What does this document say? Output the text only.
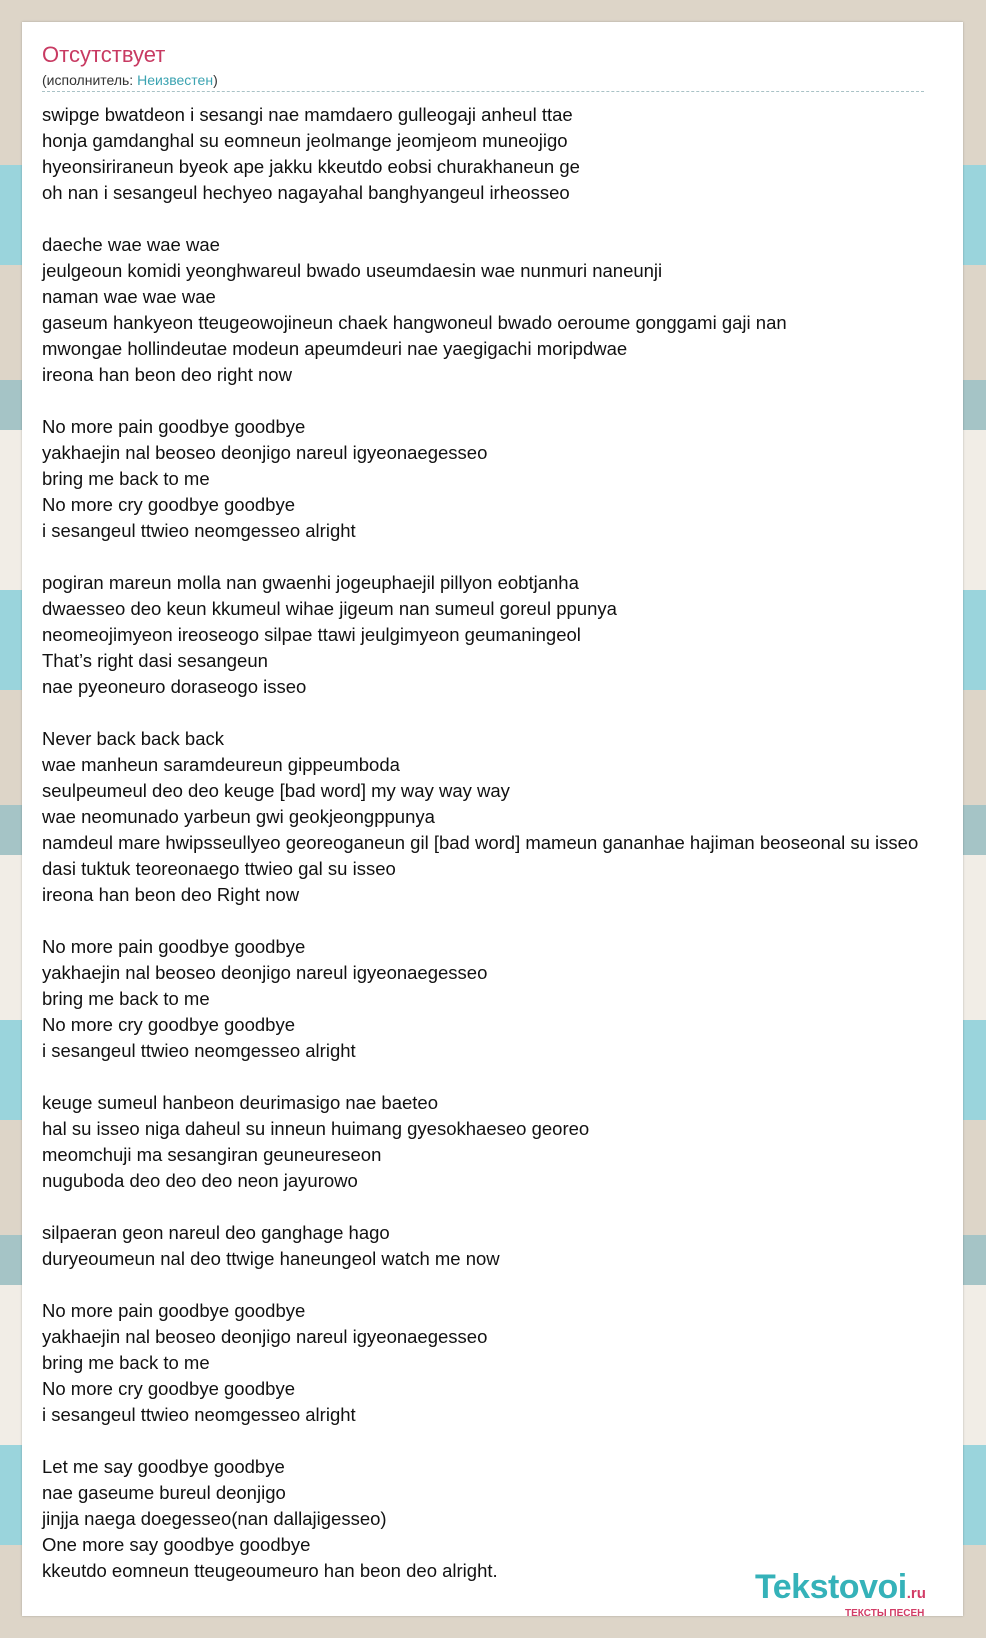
Отсутствует
(исполнитель: Неизвестен)
swipge bwatdeon i sesangi nae mamdaero gulleogaji anheul ttae
honja gamdanghal su eomneun jeolmange jeomjeom muneojigo
hyeonsiriraneun byeok ape jakku kkeutdo eobsi churakhaneun ge
oh nan i sesangeul hechyeo nagayahal banghyangeul irheosseo
daeche wae wae wae
jeulgeoun komidi yeonghwareul bwado useumdaesin wae nunmuri naneunji
naman wae wae wae
gaseum hankyeon tteugeowojineun chaek hangwoneul bwado oeroume gonggami gaji nan
mwongae hollindeutae modeun apeumdeuri nae yaegigachi moripdwae
ireona han beon deo right now
No more pain goodbye goodbye
yakhaejin nal beoseo deonjigo nareul igyeonaegesseo
bring me back to me
No more cry goodbye goodbye
i sesangeul ttwieo neomgesseo alright
pogiran mareun molla nan gwaenhi jogeuphaejil pillyon eobtjanha
dwaesseo deo keun kkumeul wihae jigeum nan sumeul goreul ppunya
neomeojimyeon ireoseogo silpae ttawi jeulgimyeon geumaningeol
That’s right dasi sesangeun
nae pyeoneuro doraseogo isseo
Never back back back
wae manheun saramdeureun gippeumboda
seulpeumeul deo deo keuge [bad word] my way way way
wae neomunado yarbeun gwi geokjeongppunya
namdeul mare hwipsseullyeo georeoganeun gil [bad word] mameun gananhae hajiman beoseonal su isseo
dasi tuktuk teoreonaego ttwieo gal su isseo
ireona han beon deo Right now
No more pain goodbye goodbye
yakhaejin nal beoseo deonjigo nareul igyeonaegesseo
bring me back to me
No more cry goodbye goodbye
i sesangeul ttwieo neomgesseo alright
keuge sumeul hanbeon deurimasigo nae baeteo
hal su isseo niga daheul su inneun huimang gyesokhaeseo georeo
meomchuji ma sesangiran geuneureseon
nuguboda deo deo deo neon jayurowo
silpaeran geon nareul deo ganghage hago
duryeoumeun nal deo ttwige haneungeol watch me now
No more pain goodbye goodbye
yakhaejin nal beoseo deonjigo nareul igyeonaegesseo
bring me back to me
No more cry goodbye goodbye
i sesangeul ttwieo neomgesseo alright
Let me say goodbye goodbye
nae gaseume bureul deonjigo
jinjja naega doegesseo(nan dallajigesseo)
One more say goodbye goodbye
kkeutdo eomneun tteugeoumeuro han beon deo alright.	Tekstovoi.ru
ТЕКСТЫ ПЕСЕН
